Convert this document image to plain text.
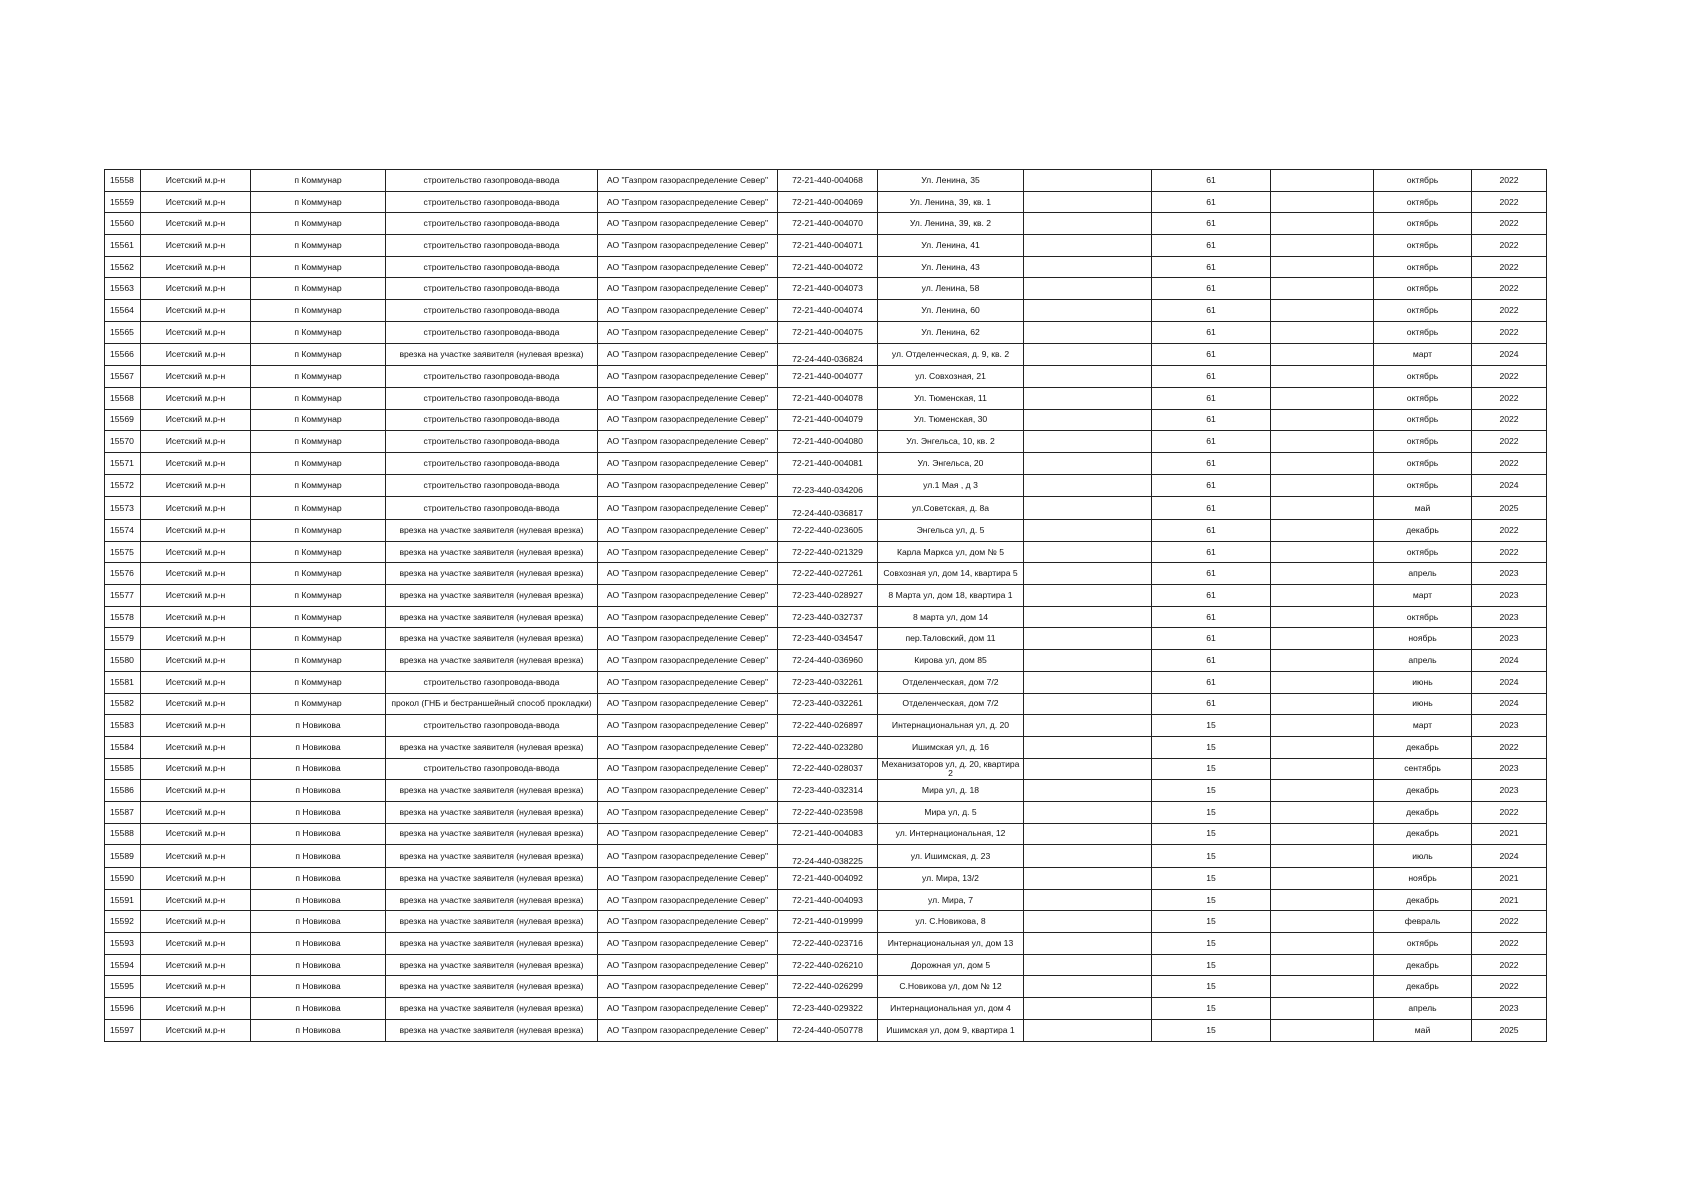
15558	Исетский м.р-н	п Коммунар	строительство газопровода-ввода	АО "Газпром газораспределение Север"	72-21-440-004068	Ул. Ленина, 35		61		октябрь	2022
15559	Исетский м.р-н	п Коммунар	строительство газопровода-ввода	АО "Газпром газораспределение Север"	72-21-440-004069	Ул. Ленина, 39, кв. 1		61		октябрь	2022
15560	Исетский м.р-н	п Коммунар	строительство газопровода-ввода	АО "Газпром газораспределение Север"	72-21-440-004070	Ул. Ленина, 39, кв. 2		61		октябрь	2022
15561	Исетский м.р-н	п Коммунар	строительство газопровода-ввода	АО "Газпром газораспределение Север"	72-21-440-004071	Ул. Ленина, 41		61		октябрь	2022
15562	Исетский м.р-н	п Коммунар	строительство газопровода-ввода	АО "Газпром газораспределение Север"	72-21-440-004072	Ул. Ленина, 43		61		октябрь	2022
15563	Исетский м.р-н	п Коммунар	строительство газопровода-ввода	АО "Газпром газораспределение Север"	72-21-440-004073	ул. Ленина, 58		61		октябрь	2022
15564	Исетский м.р-н	п Коммунар	строительство газопровода-ввода	АО "Газпром газораспределение Север"	72-21-440-004074	Ул. Ленина, 60		61		октябрь	2022
15565	Исетский м.р-н	п Коммунар	строительство газопровода-ввода	АО "Газпром газораспределение Север"	72-21-440-004075	Ул. Ленина, 62		61		октябрь	2022
15566	Исетский м.р-н	п Коммунар	врезка на участке заявителя (нулевая врезка)	АО "Газпром газораспределение Север"	72-24-440-036824	ул. Отделенческая, д. 9, кв. 2		61		март	2024
15567	Исетский м.р-н	п Коммунар	строительство газопровода-ввода	АО "Газпром газораспределение Север"	72-21-440-004077	ул. Совхозная, 21		61		октябрь	2022
15568	Исетский м.р-н	п Коммунар	строительство газопровода-ввода	АО "Газпром газораспределение Север"	72-21-440-004078	Ул. Тюменская, 11		61		октябрь	2022
15569	Исетский м.р-н	п Коммунар	строительство газопровода-ввода	АО "Газпром газораспределение Север"	72-21-440-004079	Ул. Тюменская, 30		61		октябрь	2022
15570	Исетский м.р-н	п Коммунар	строительство газопровода-ввода	АО "Газпром газораспределение Север"	72-21-440-004080	Ул. Энгельса, 10, кв. 2		61		октябрь	2022
15571	Исетский м.р-н	п Коммунар	строительство газопровода-ввода	АО "Газпром газораспределение Север"	72-21-440-004081	Ул. Энгельса, 20		61		октябрь	2022
15572	Исетский м.р-н	п Коммунар	строительство газопровода-ввода	АО "Газпром газораспределение Север"	72-23-440-034206	ул.1 Мая , д 3		61		октябрь	2024
15573	Исетский м.р-н	п Коммунар	строительство газопровода-ввода	АО "Газпром газораспределение Север"	72-24-440-036817	ул.Советская, д. 8а		61		май	2025
15574	Исетский м.р-н	п Коммунар	врезка на участке заявителя (нулевая врезка)	АО "Газпром газораспределение Север"	72-22-440-023605	Энгельса ул, д. 5		61		декабрь	2022
15575	Исетский м.р-н	п Коммунар	врезка на участке заявителя (нулевая врезка)	АО "Газпром газораспределение Север"	72-22-440-021329	Карла Маркса ул, дом № 5		61		октябрь	2022
15576	Исетский м.р-н	п Коммунар	врезка на участке заявителя (нулевая врезка)	АО "Газпром газораспределение Север"	72-22-440-027261	Совхозная ул, дом 14, квартира 5		61		апрель	2023
15577	Исетский м.р-н	п Коммунар	врезка на участке заявителя (нулевая врезка)	АО "Газпром газораспределение Север"	72-23-440-028927	8 Марта ул, дом 18, квартира 1		61		март	2023
15578	Исетский м.р-н	п Коммунар	врезка на участке заявителя (нулевая врезка)	АО "Газпром газораспределение Север"	72-23-440-032737	8 марта ул, дом 14		61		октябрь	2023
15579	Исетский м.р-н	п Коммунар	врезка на участке заявителя (нулевая врезка)	АО "Газпром газораспределение Север"	72-23-440-034547	пер.Таловский, дом 11		61		ноябрь	2023
15580	Исетский м.р-н	п Коммунар	врезка на участке заявителя (нулевая врезка)	АО "Газпром газораспределение Север"	72-24-440-036960	Кирова ул, дом 85		61		апрель	2024
15581	Исетский м.р-н	п Коммунар	строительство газопровода-ввода	АО "Газпром газораспределение Север"	72-23-440-032261	Отделенческая, дом 7/2		61		июнь	2024
15582	Исетский м.р-н	п Коммунар	прокол (ГНБ и бестраншейный способ прокладки)	АО "Газпром газораспределение Север"	72-23-440-032261	Отделенческая, дом 7/2		61		июнь	2024
15583	Исетский м.р-н	п Новикова	строительство газопровода-ввода	АО "Газпром газораспределение Север"	72-22-440-026897	Интернациональная ул, д. 20		15		март	2023
15584	Исетский м.р-н	п Новикова	врезка на участке заявителя (нулевая врезка)	АО "Газпром газораспределение Север"	72-22-440-023280	Ишимская ул, д. 16		15		декабрь	2022
15585	Исетский м.р-н	п Новикова	строительство газопровода-ввода	АО "Газпром газораспределение Север"	72-22-440-028037	Механизаторов ул, д. 20, квартира 2		15		сентябрь	2023
15586	Исетский м.р-н	п Новикова	врезка на участке заявителя (нулевая врезка)	АО "Газпром газораспределение Север"	72-23-440-032314	Мира ул, д. 18		15		декабрь	2023
15587	Исетский м.р-н	п Новикова	врезка на участке заявителя (нулевая врезка)	АО "Газпром газораспределение Север"	72-22-440-023598	Мира ул, д. 5		15		декабрь	2022
15588	Исетский м.р-н	п Новикова	врезка на участке заявителя (нулевая врезка)	АО "Газпром газораспределение Север"	72-21-440-004083	ул. Интернациональная, 12		15		декабрь	2021
15589	Исетский м.р-н	п Новикова	врезка на участке заявителя (нулевая врезка)	АО "Газпром газораспределение Север"	72-24-440-038225	ул. Ишимская, д. 23		15		июль	2024
15590	Исетский м.р-н	п Новикова	врезка на участке заявителя (нулевая врезка)	АО "Газпром газораспределение Север"	72-21-440-004092	ул. Мира, 13/2		15		ноябрь	2021
15591	Исетский м.р-н	п Новикова	врезка на участке заявителя (нулевая врезка)	АО "Газпром газораспределение Север"	72-21-440-004093	ул. Мира, 7		15		декабрь	2021
15592	Исетский м.р-н	п Новикова	врезка на участке заявителя (нулевая врезка)	АО "Газпром газораспределение Север"	72-21-440-019999	ул. С.Новикова, 8		15		февраль	2022
15593	Исетский м.р-н	п Новикова	врезка на участке заявителя (нулевая врезка)	АО "Газпром газораспределение Север"	72-22-440-023716	Интернациональная ул, дом 13		15		октябрь	2022
15594	Исетский м.р-н	п Новикова	врезка на участке заявителя (нулевая врезка)	АО "Газпром газораспределение Север"	72-22-440-026210	Дорожная ул, дом 5		15		декабрь	2022
15595	Исетский м.р-н	п Новикова	врезка на участке заявителя (нулевая врезка)	АО "Газпром газораспределение Север"	72-22-440-026299	С.Новикова ул, дом № 12		15		декабрь	2022
15596	Исетский м.р-н	п Новикова	врезка на участке заявителя (нулевая врезка)	АО "Газпром газораспределение Север"	72-23-440-029322	Интернациональная ул, дом 4		15		апрель	2023
15597	Исетский м.р-н	п Новикова	врезка на участке заявителя (нулевая врезка)	АО "Газпром газораспределение Север"	72-24-440-050778	Ишимская ул, дом 9, квартира 1		15		май	2025
